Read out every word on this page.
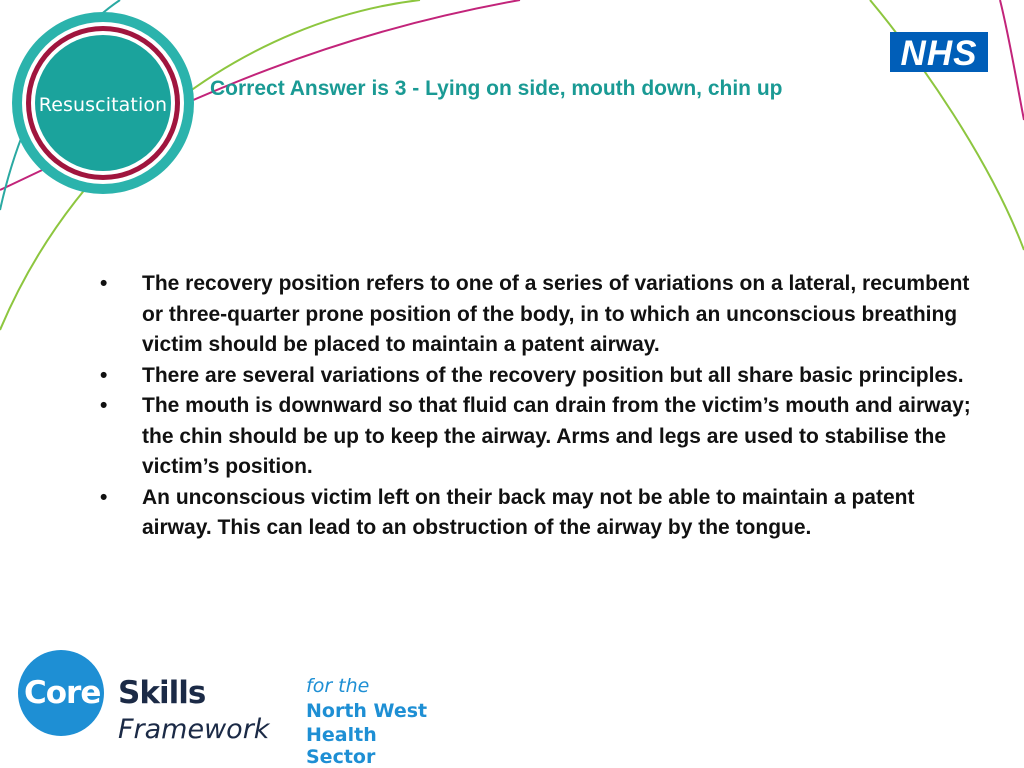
Resuscitation
NHS
Correct Answer is 3 - Lying on side, mouth down, chin up
• The recovery position refers to one of a series of variations on a lateral, recumbent or three-quarter prone position of the body, in to which an unconscious breathing victim should be placed to maintain a patent airway.
• There are several variations of the recovery position but all share basic principles.
• The mouth is downward so that fluid can drain from the victim’s mouth and airway; the chin should be up to keep the airway. Arms and legs are used to stabilise the victim’s position.
• An unconscious victim left on their back may not be able to maintain a patent airway. This can lead to an obstruction of the airway by the tongue.
Core Skills
Framework
for the
North West
Health Sector
